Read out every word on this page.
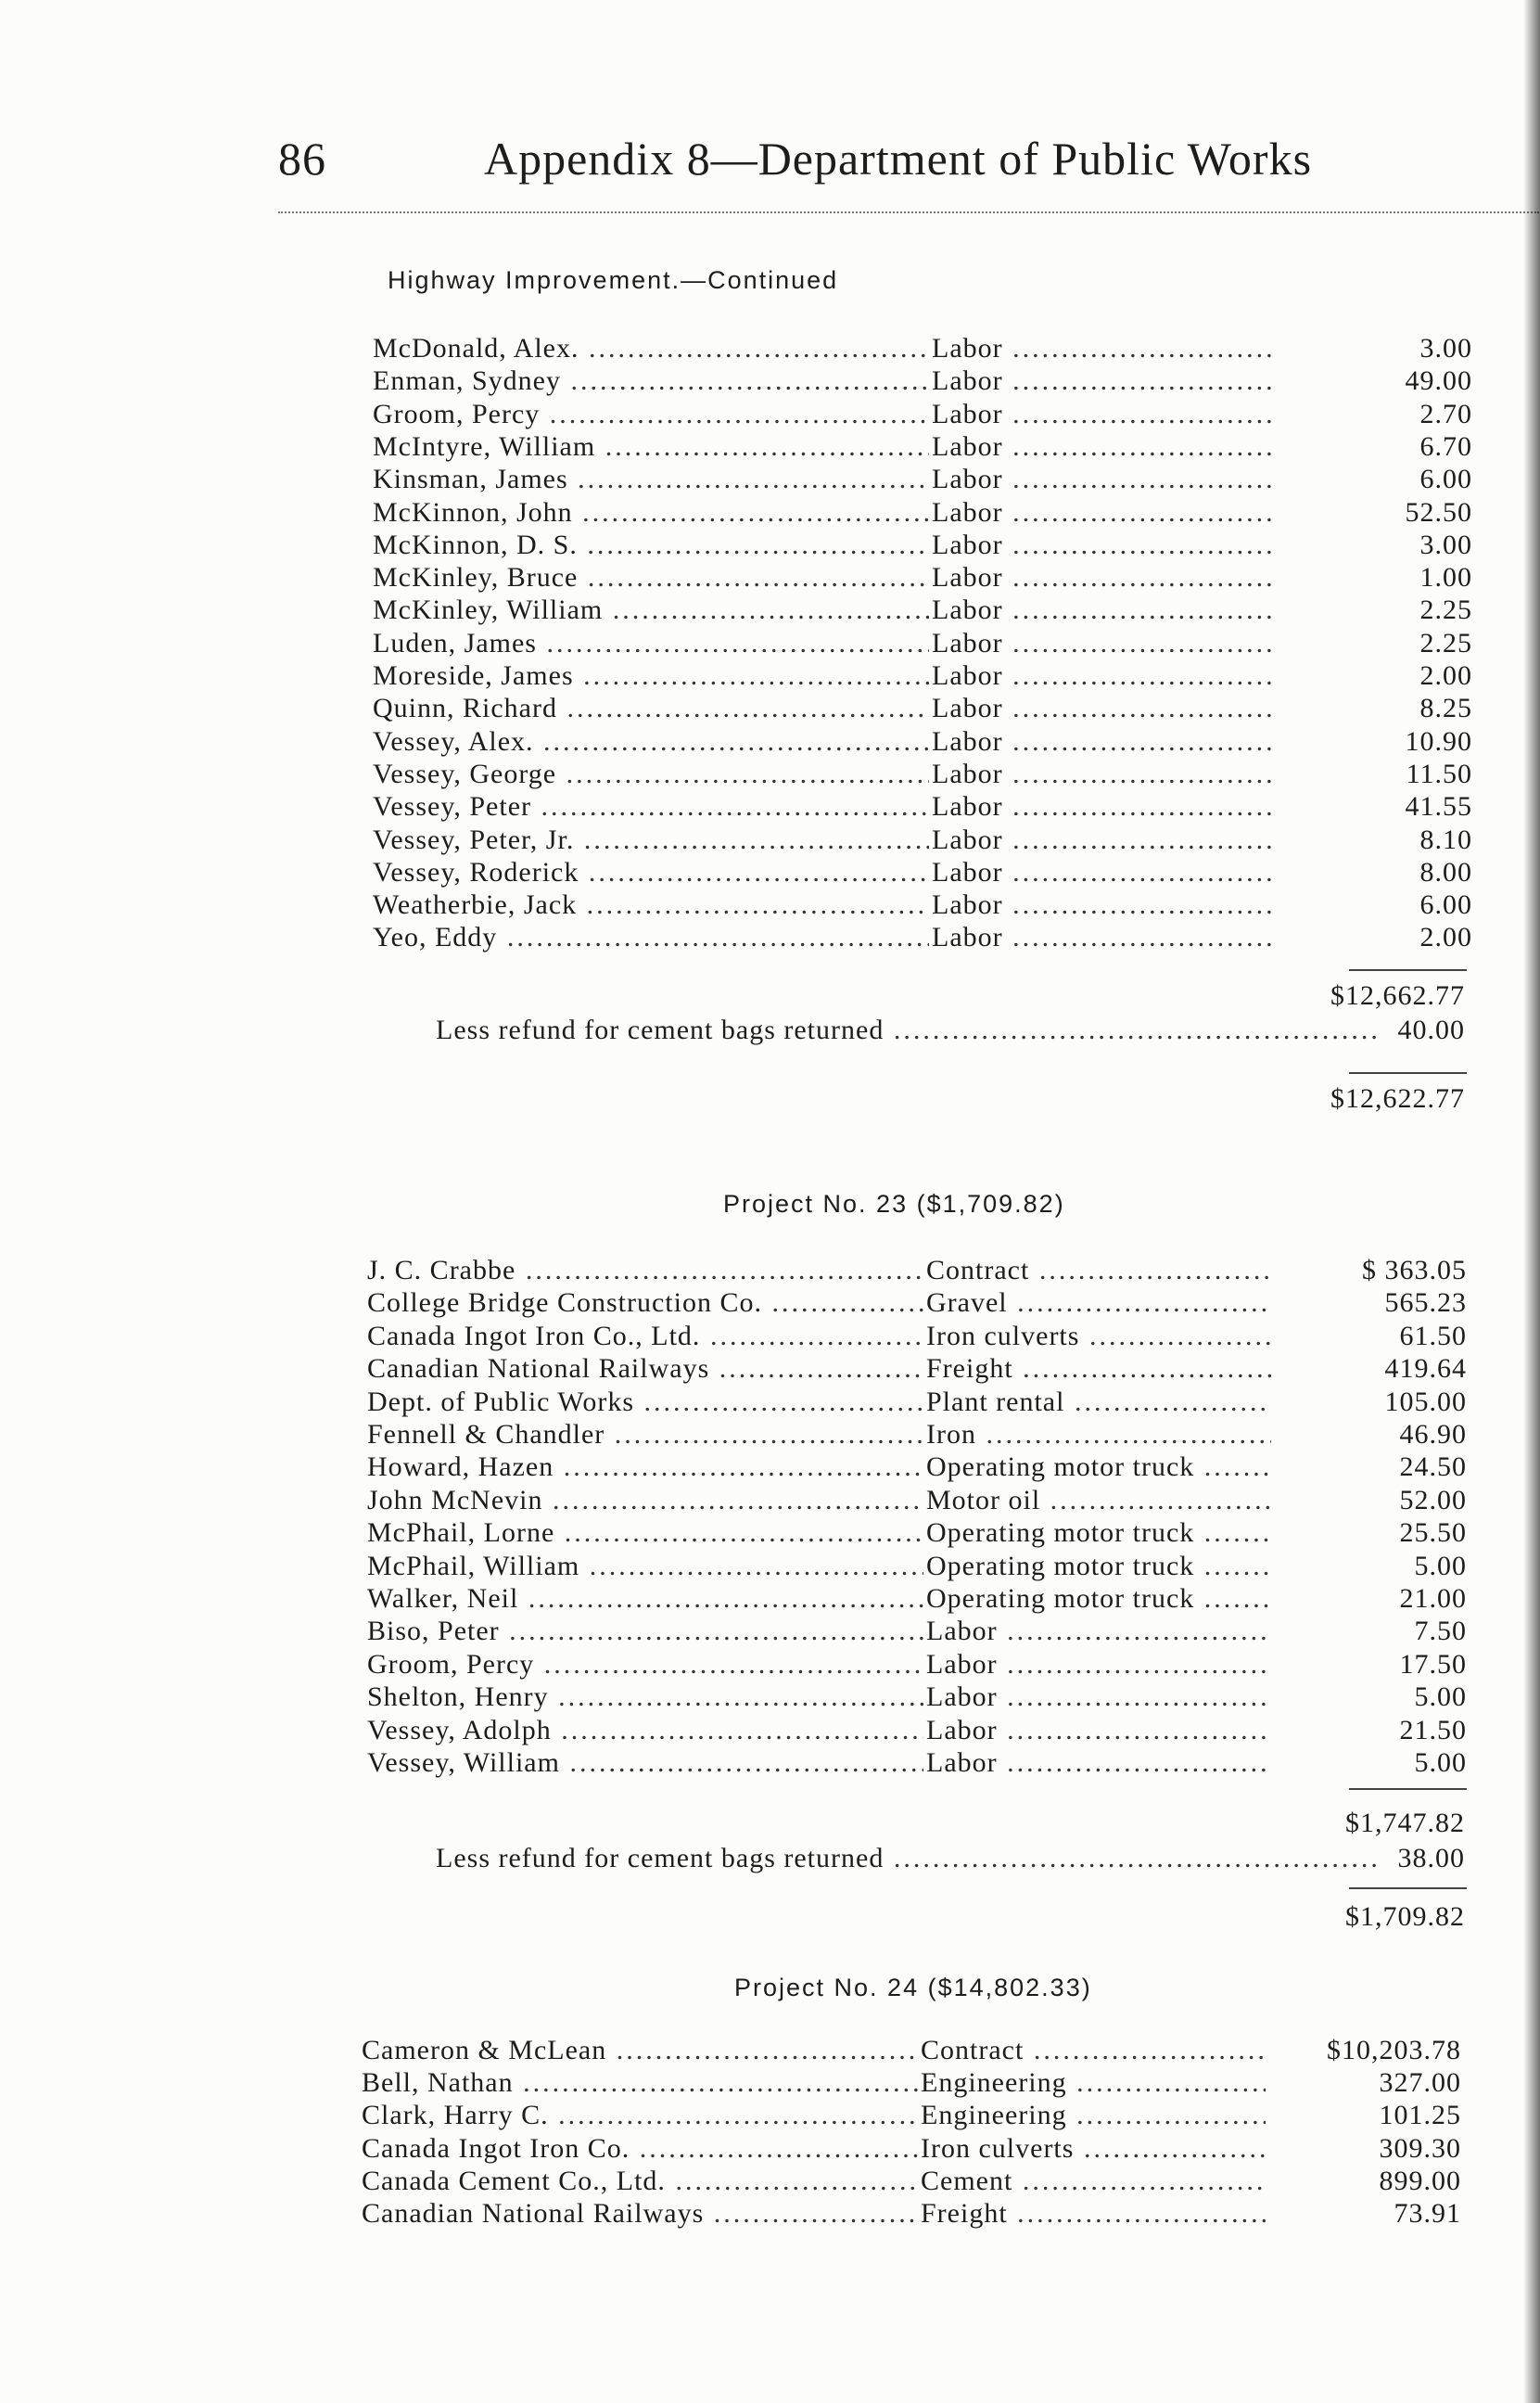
86	Appendix 8—Department of Public Works
Highway Improvement.—Continued
McDonald, Alex. .....	Labor .....	3.00
Enman, Sydney .....	Labor .....	49.00
Groom, Percy .....	Labor .....	2.70
McIntyre, William .....	Labor .....	6.70
Kinsman, James .....	Labor .....	6.00
McKinnon, John .....	Labor .....	52.50
McKinnon, D. S. .....	Labor .....	3.00
McKinley, Bruce .....	Labor .....	1.00
McKinley, William .....	Labor .....	2.25
Luden, James .....	Labor .....	2.25
Moreside, James .....	Labor .....	2.00
Quinn, Richard .....	Labor .....	8.25
Vessey, Alex. .....	Labor .....	10.90
Vessey, George .....	Labor .....	11.50
Vessey, Peter .....	Labor .....	41.55
Vessey, Peter, Jr. .....	Labor .....	8.10
Vessey, Roderick .....	Labor .....	8.00
Weatherbie, Jack .....	Labor .....	6.00
Yeo, Eddy .....	Labor .....	2.00
$12,662.77
Less refund for cement bags returned .....	40.00
$12,622.77
Project No. 23 ($1,709.82)
J. C. Crabbe .....	Contract .....	$ 363.05
College Bridge Construction Co. .....	Gravel .....	565.23
Canada Ingot Iron Co., Ltd. .....	Iron culverts .....	61.50
Canadian National Railways .....	Freight .....	419.64
Dept. of Public Works .....	Plant rental .....	105.00
Fennell & Chandler .....	Iron .....	46.90
Howard, Hazen .....	Operating motor truck .....	24.50
John McNevin .....	Motor oil .....	52.00
McPhail, Lorne .....	Operating motor truck .....	25.50
McPhail, William .....	Operating motor truck .....	5.00
Walker, Neil .....	Operating motor truck .....	21.00
Biso, Peter .....	Labor .....	7.50
Groom, Percy .....	Labor .....	17.50
Shelton, Henry .....	Labor .....	5.00
Vessey, Adolph .....	Labor .....	21.50
Vessey, William .....	Labor .....	5.00
$1,747.82
Less refund for cement bags returned .....	38.00
$1,709.82
Project No. 24 ($14,802.33)
Cameron & McLean .....	Contract .....	$10,203.78
Bell, Nathan .....	Engineering .....	327.00
Clark, Harry C. .....	Engineering .....	101.25
Canada Ingot Iron Co. .....	Iron culverts .....	309.30
Canada Cement Co., Ltd. .....	Cement .....	899.00
Canadian National Railways .....	Freight .....	73.91
